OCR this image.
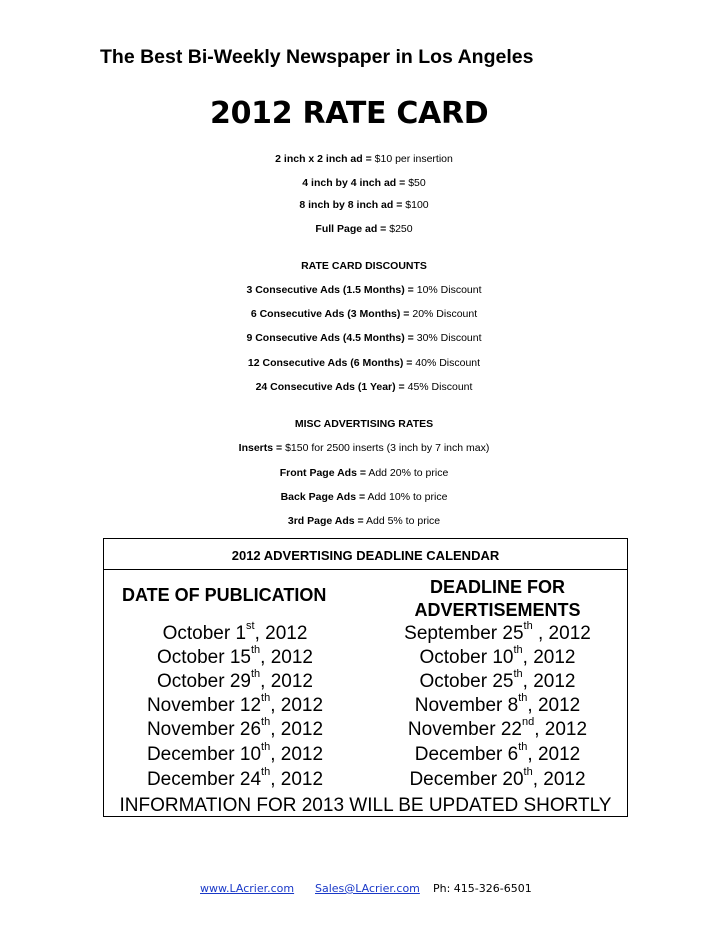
The Best Bi-Weekly Newspaper in Los Angeles
2012 RATE CARD
2 inch x 2 inch ad = $10 per insertion
4 inch by 4 inch ad = $50
8 inch by 8 inch ad = $100
Full Page ad = $250
RATE CARD DISCOUNTS
3 Consecutive Ads (1.5 Months) = 10% Discount
6 Consecutive Ads (3 Months) = 20% Discount
9 Consecutive Ads (4.5 Months) = 30% Discount
12 Consecutive Ads (6 Months) = 40% Discount
24 Consecutive Ads (1 Year) = 45% Discount
MISC ADVERTISING RATES
Inserts = $150 for 2500 inserts (3 inch by 7 inch max)
Front Page Ads = Add 20% to price
Back Page Ads = Add 10% to price
3rd Page Ads = Add 5% to price
2012 ADVERTISING DEADLINE CALENDAR
DATE OF PUBLICATION	DEADLINE FOR
ADVERTISEMENTS
October 1st, 2012	September 25th , 2012
October 15th, 2012	October 10th, 2012
October 29th, 2012	October 25th, 2012
November 12th, 2012	November 8th, 2012
November 26th, 2012	November 22nd, 2012
December 10th, 2012	December 6th, 2012
December 24th, 2012	December 20th, 2012
INFORMATION FOR 2013 WILL BE UPDATED SHORTLY
www.LAcrier.com Sales@LAcrier.com Ph: 415-326-6501
